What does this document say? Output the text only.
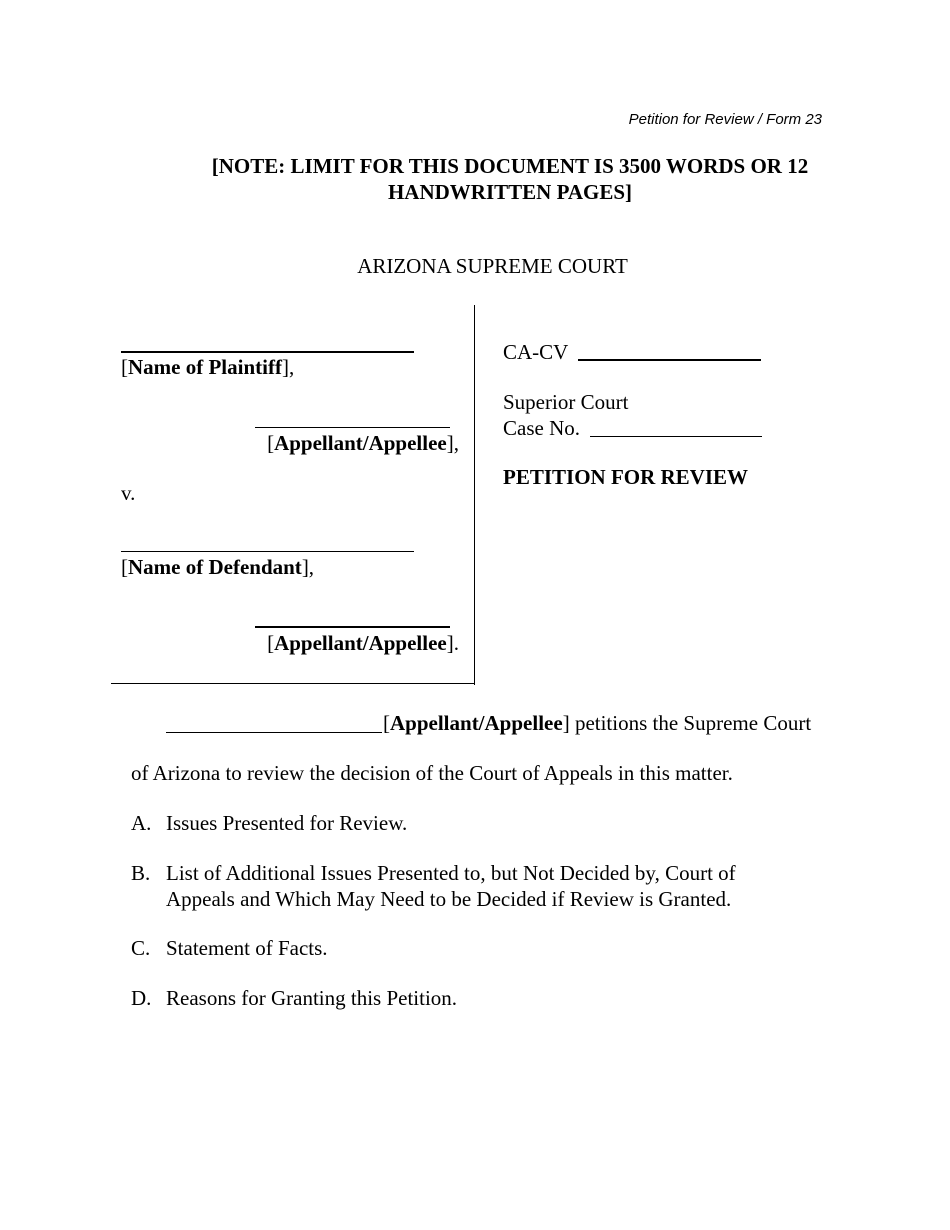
Petition for Review / Form 23
[NOTE: LIMIT FOR THIS DOCUMENT IS 3500 WORDS OR 12 HANDWRITTEN PAGES]
ARIZONA SUPREME COURT
[Name of Plaintiff],
[Appellant/Appellee],
v.
[Name of Defendant],
[Appellant/Appellee].
CA-CV
Superior Court
Case No.
PETITION FOR REVIEW
[Appellant/Appellee] petitions the Supreme Court
of Arizona to review the decision of the Court of Appeals in this matter.
A. Issues Presented for Review.
B. List of Additional Issues Presented to, but Not Decided by, Court of
Appeals and Which May Need to be Decided if Review is Granted.
C. Statement of Facts.
D. Reasons for Granting this Petition.
